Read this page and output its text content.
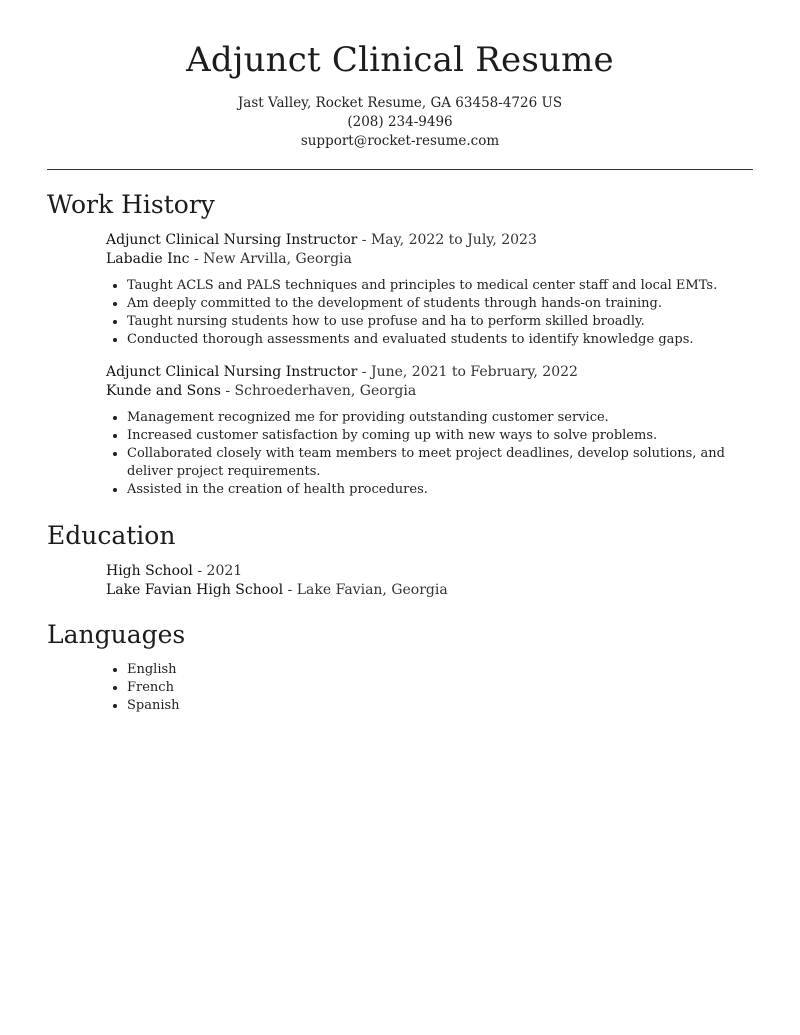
Adjunct Clinical Resume
Jast Valley, Rocket Resume, GA 63458-4726 US
(208) 234-9496
support@rocket-resume.com
Work History
Adjunct Clinical Nursing Instructor - May, 2022 to July, 2023
Labadie Inc - New Arvilla, Georgia
• Taught ACLS and PALS techniques and principles to medical center staff and local EMTs.
• Am deeply committed to the development of students through hands-on training.
• Taught nursing students how to use profuse and ha to perform skilled broadly.
• Conducted thorough assessments and evaluated students to identify knowledge gaps.
Adjunct Clinical Nursing Instructor - June, 2021 to February, 2022
Kunde and Sons - Schroederhaven, Georgia
• Management recognized me for providing outstanding customer service.
• Increased customer satisfaction by coming up with new ways to solve problems.
• Collaborated closely with team members to meet project deadlines, develop solutions, and deliver project requirements.
• Assisted in the creation of health procedures.
Education
High School - 2021
Lake Favian High School - Lake Favian, Georgia
Languages
• English
• French
• Spanish
